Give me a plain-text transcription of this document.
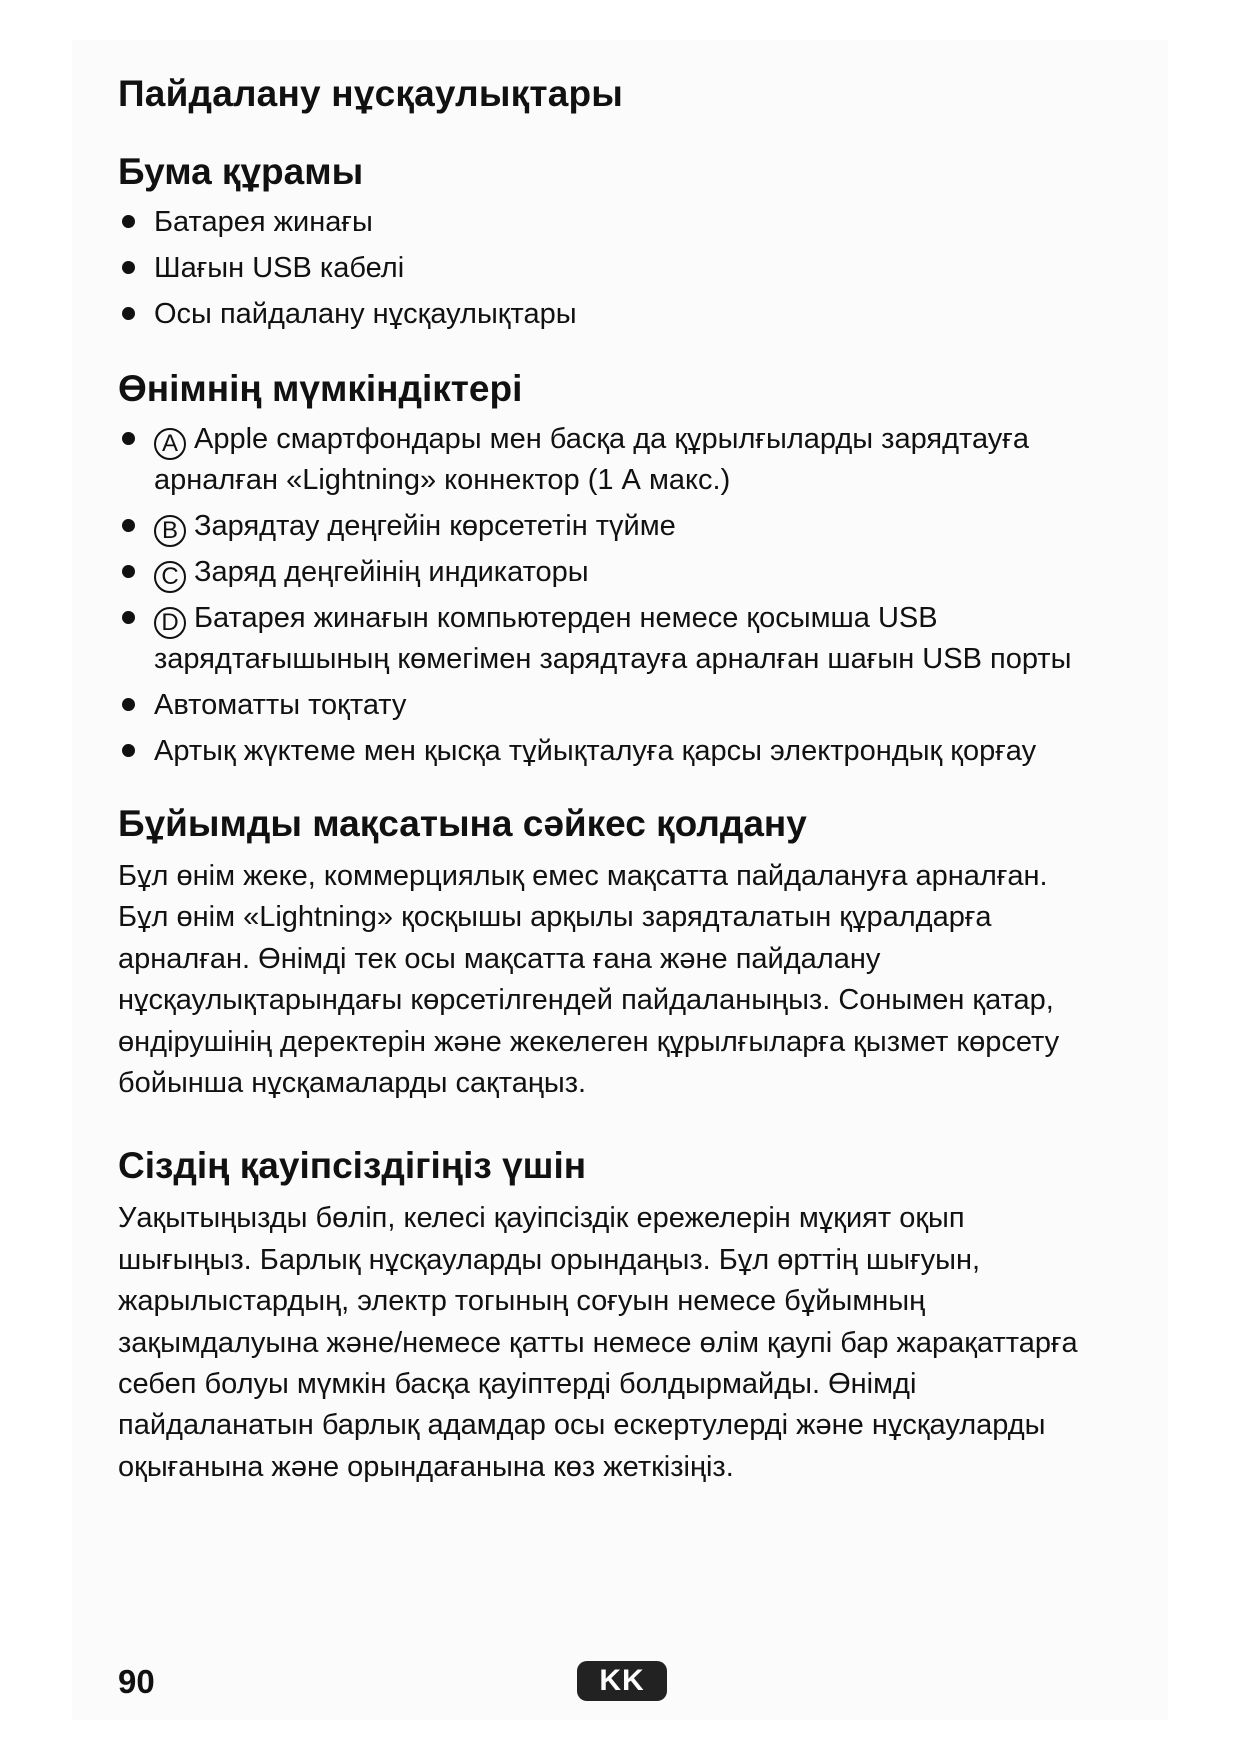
Пайдалану нұсқаулықтары
Бума құрамы
Батарея жинағы
Шағын USB кабелі
Осы пайдалану нұсқаулықтары
Өнімнің мүмкіндіктері
A Apple смартфондары мен басқа да құрылғыларды зарядтауға арналған «Lightning» коннектор (1 А макс.)
B Зарядтау деңгейін көрсететін түйме
C Заряд деңгейінің индикаторы
D Батарея жинағын компьютерден немесе қосымша USB зарядтағышының көмегімен зарядтауға арналған шағын USB порты
Автоматты тоқтату
Артық жүктеме мен қысқа тұйықталуға қарсы электрондық қорғау
Бұйымды мақсатына сәйкес қолдану

Бұл өнім жеке, коммерциялық емес мақсатта пайдалануға арналған. Бұл өнім «Lightning» қосқышы арқылы зарядталатын құралдарға арналған. Өнімді тек осы мақсатта ғана және пайдалану нұсқаулықтарындағы көрсетілгендей пайдаланыңыз. Сонымен қатар, өндірушінің деректерін және жекелеген құрылғыларға қызмет көрсету бойынша нұсқамаларды сақтаңыз.

Сіздің қауіпсіздігіңіз үшін

Уақытыңызды бөліп, келесі қауіпсіздік ережелерін мұқият оқып шығыңыз. Барлық нұсқауларды орындаңыз. Бұл өрттің шығуын, жарылыстардың, электр тогының соғуын немесе бұйымның зақымдалуына және/немесе қатты немесе өлім қаупі бар жарақаттарға себеп болуы мүмкін басқа қауіптерді болдырмайды. Өнімді пайдаланатын барлық адамдар осы ескертулерді және нұсқауларды оқығанына және орындағанына көз жеткізіңіз.

90	KK
